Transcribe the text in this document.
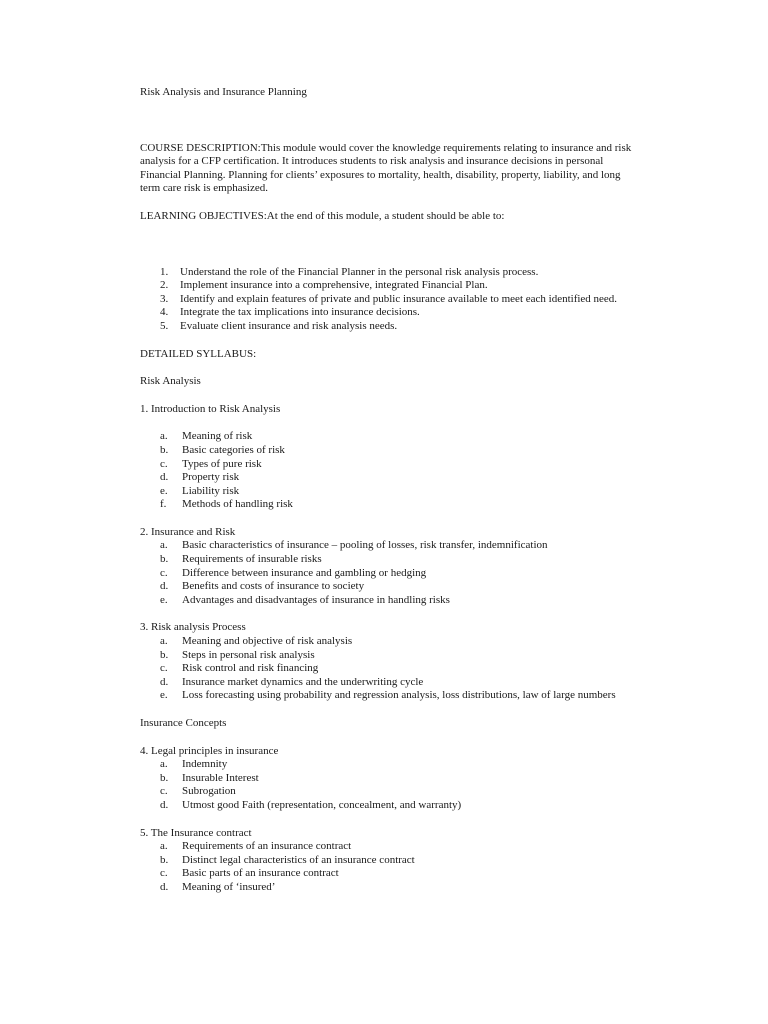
Risk Analysis and Insurance Planning

COURSE DESCRIPTION:This module would cover the knowledge requirements relating to insurance and risk analysis for a CFP certification. It introduces students to risk analysis and insurance decisions in personal Financial Planning. Planning for clients’ exposures to mortality, health, disability, property, liability, and long term care risk is emphasized.

LEARNING OBJECTIVES:At the end of this module, a student should be able to:

1.	Understand the role of the Financial Planner in the personal risk analysis process.
2.	Implement insurance into a comprehensive, integrated Financial Plan.
3.	Identify and explain features of private and public insurance available to meet each identified need.
4.	Integrate the tax implications into insurance decisions.
5.	Evaluate client insurance and risk analysis needs.

DETAILED SYLLABUS:

Risk Analysis

1. Introduction to Risk Analysis

a.	Meaning of risk
b.	Basic categories of risk
c.	Types of pure risk
d.	Property risk
e.	Liability risk
f.	Methods of handling risk

2. Insurance and Risk

a.	Basic characteristics of insurance – pooling of losses, risk transfer, indemnification
b.	Requirements of insurable risks
c.	Difference between insurance and gambling or hedging
d.	Benefits and costs of insurance to society
e.	Advantages and disadvantages of insurance in handling risks

3. Risk analysis Process

a.	Meaning and objective of risk analysis
b.	Steps in personal risk analysis
c.	Risk control and risk financing
d.	Insurance market dynamics and the underwriting cycle
e.	Loss forecasting using probability and regression analysis, loss distributions, law of large numbers

Insurance Concepts

4. Legal principles in insurance

a.	Indemnity
b.	Insurable Interest
c.	Subrogation
d.	Utmost good Faith (representation, concealment, and warranty)

5. The Insurance contract

a.	Requirements of an insurance contract
b.	Distinct legal characteristics of an insurance contract
c.	Basic parts of an insurance contract
d.	Meaning of ‘insured’
